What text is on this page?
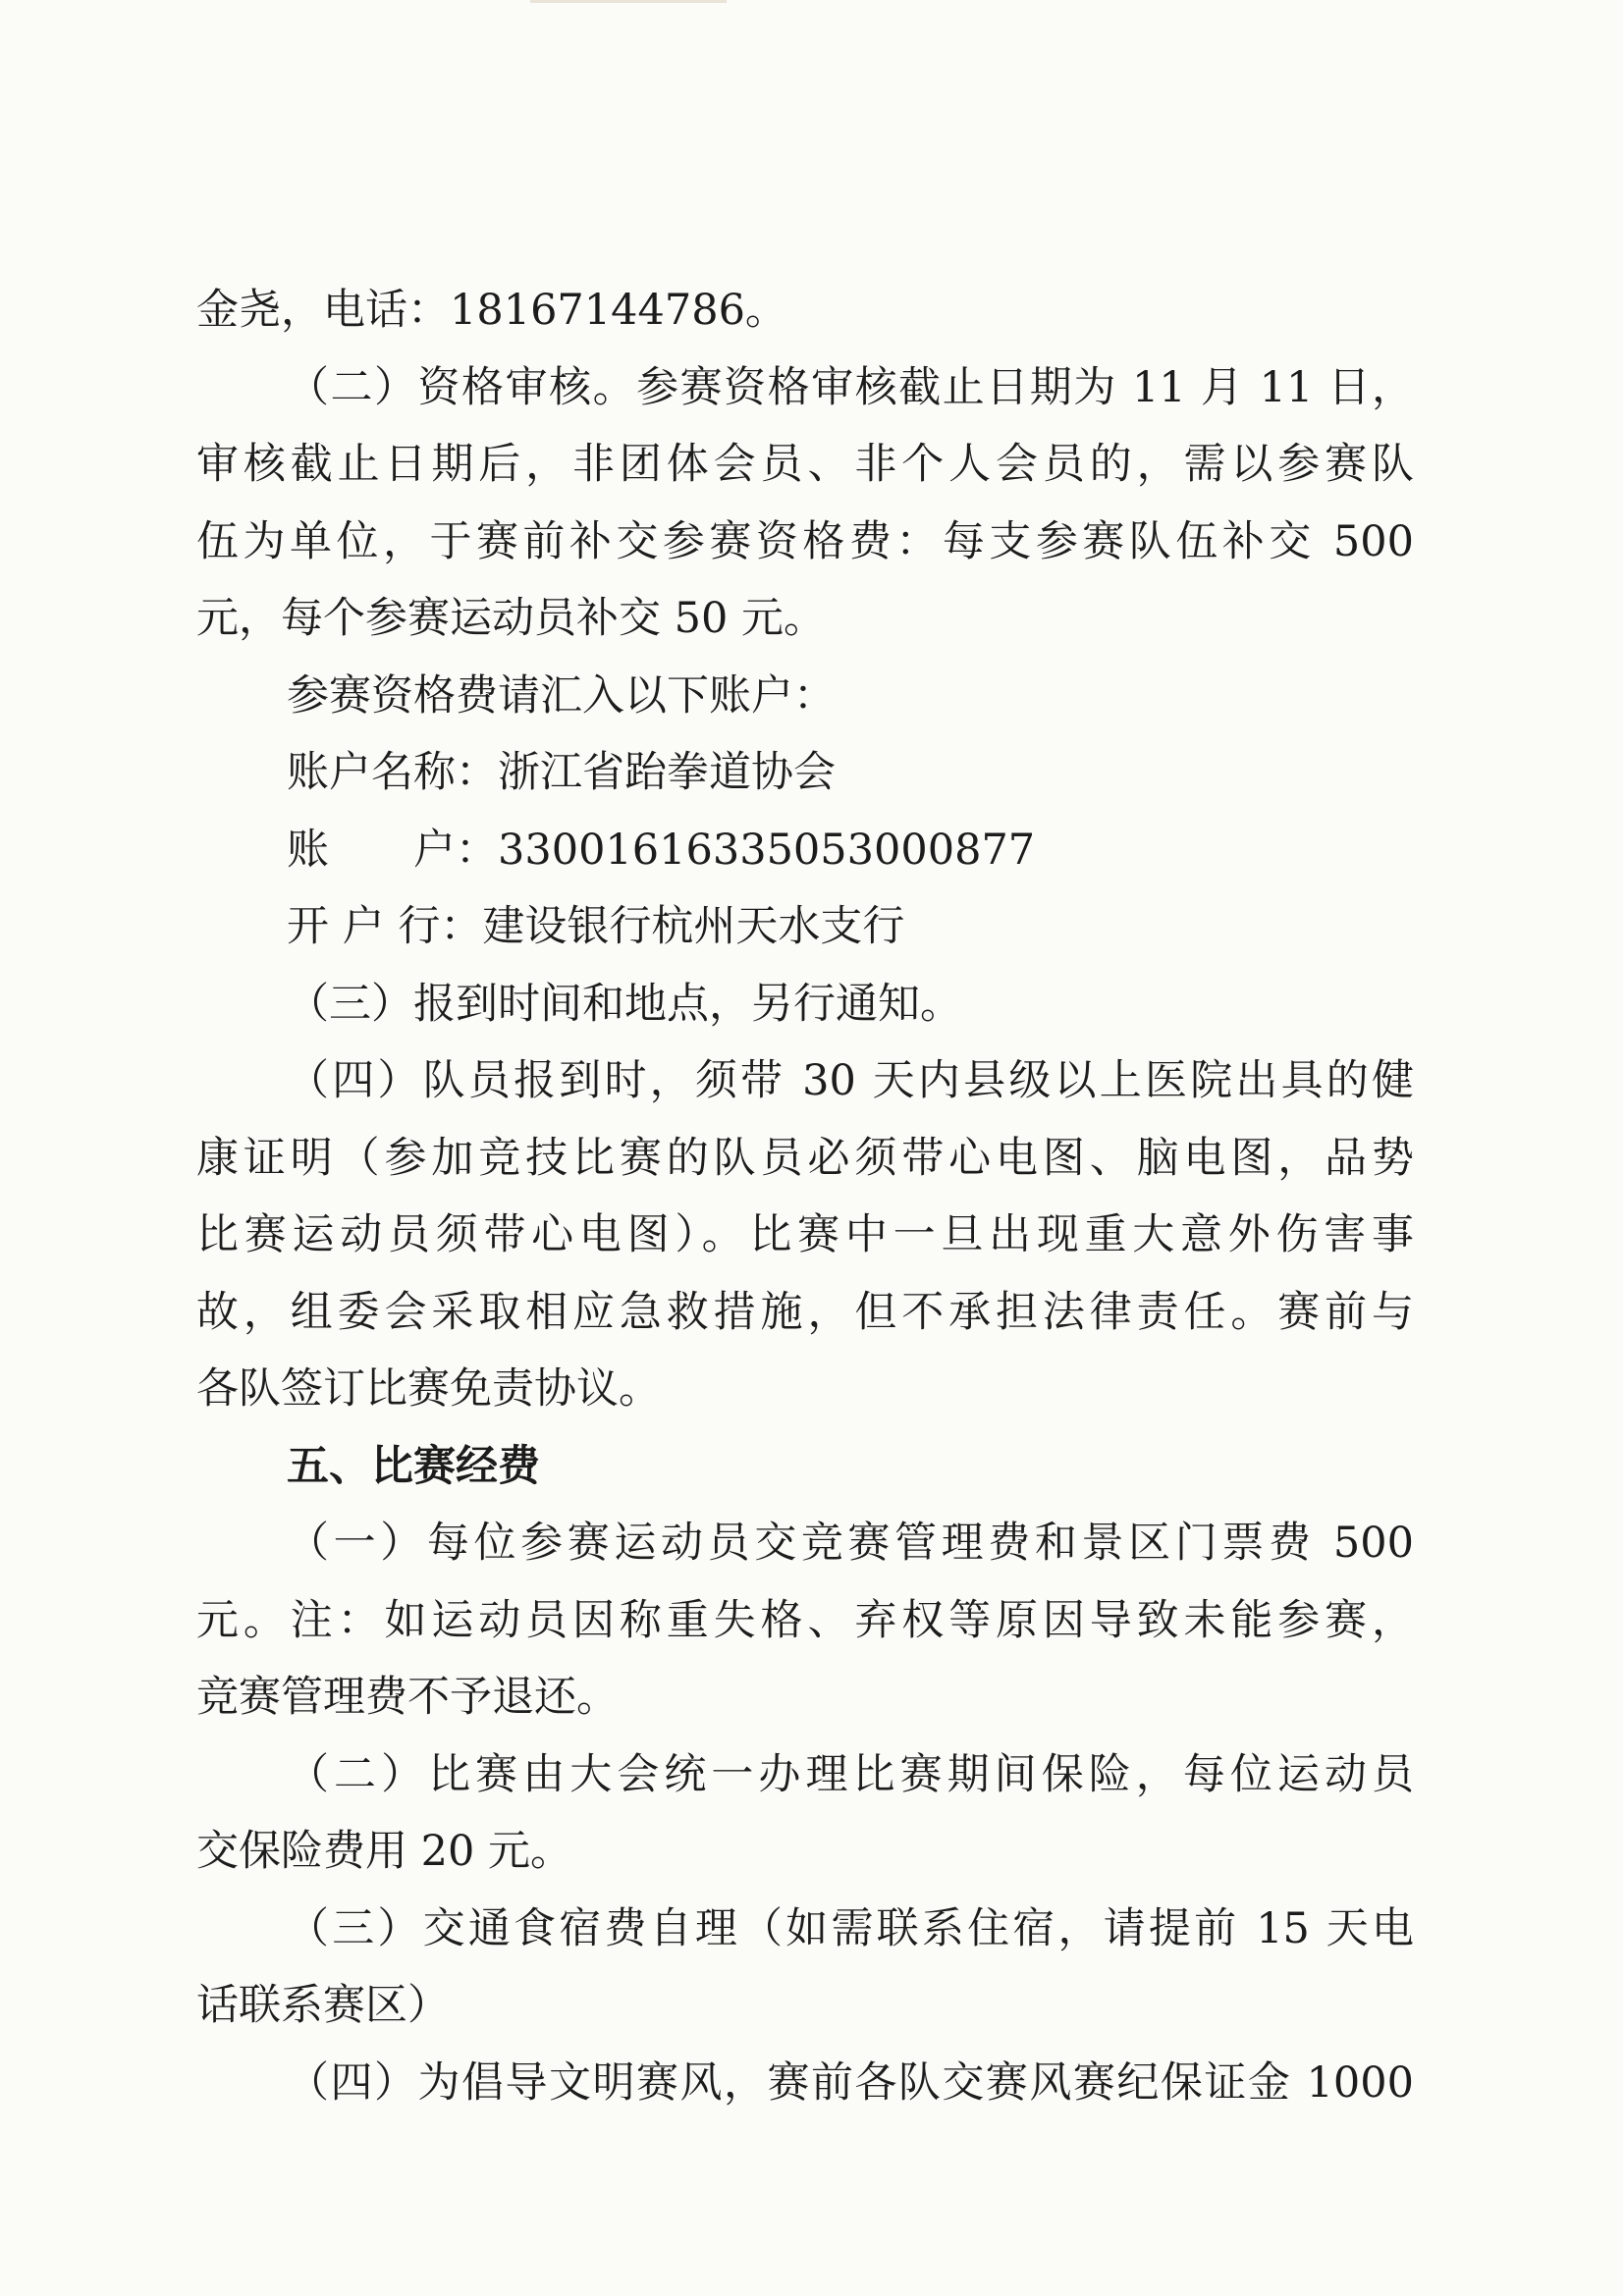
金尧，电话：18167144786。
（二）资格审核。参赛资格审核截止日期为 11 月 11 日，
审核截止日期后，非团体会员、非个人会员的，需以参赛队
伍为单位，于赛前补交参赛资格费：每支参赛队伍补交 500
元，每个参赛运动员补交 50 元。
参赛资格费请汇入以下账户：
账户名称：浙江省跆拳道协会
账　　户：33001616335053000877
开 户 行：建设银行杭州天水支行
（三）报到时间和地点，另行通知。
（四）队员报到时，须带 30 天内县级以上医院出具的健
康证明（参加竞技比赛的队员必须带心电图、脑电图，品势
比赛运动员须带心电图）。比赛中一旦出现重大意外伤害事
故，组委会采取相应急救措施，但不承担法律责任。赛前与
各队签订比赛免责协议。
五、比赛经费
（一）每位参赛运动员交竞赛管理费和景区门票费 500
元。注：如运动员因称重失格、弃权等原因导致未能参赛，
竞赛管理费不予退还。
（二）比赛由大会统一办理比赛期间保险，每位运动员
交保险费用 20 元。
（三）交通食宿费自理（如需联系住宿，请提前 15 天电
话联系赛区）
（四）为倡导文明赛风，赛前各队交赛风赛纪保证金 1000
